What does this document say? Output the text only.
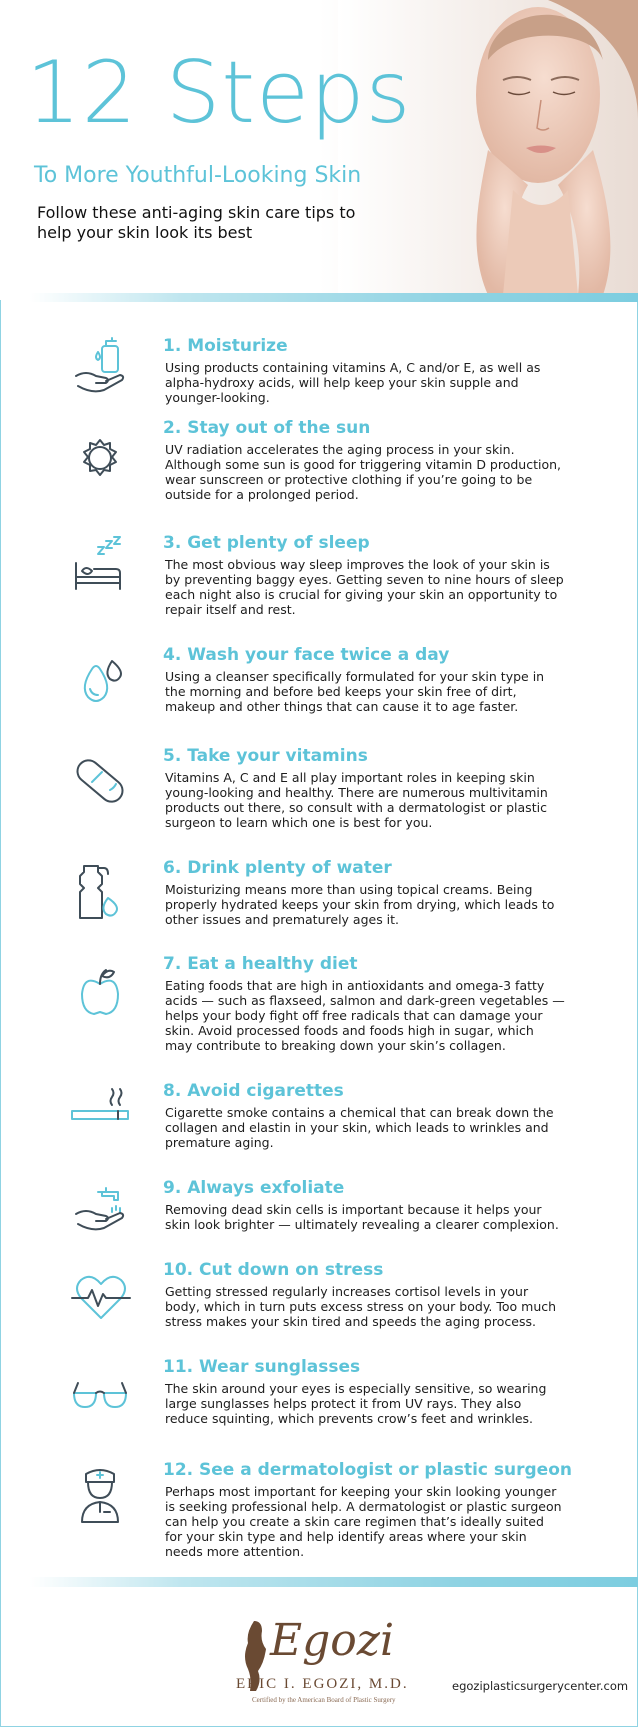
12 Steps
To More Youthful-Looking Skin
Follow these anti-aging skin care tips to help your skin look its best
1. Moisturize

Using products containing vitamins A, C and/or E, as well as alpha-hydroxy acids, will help keep your skin supple and younger-looking.

2. Stay out of the sun

UV radiation accelerates the aging process in your skin. Although some sun is good for triggering vitamin D production, wear sunscreen or protective clothing if you’re going to be outside for a prolonged period.

3. Get plenty of sleep

The most obvious way sleep improves the look of your skin is by preventing baggy eyes. Getting seven to nine hours of sleep each night also is crucial for giving your skin an opportunity to repair itself and rest.

4. Wash your face twice a day

Using a cleanser specifically formulated for your skin type in the morning and before bed keeps your skin free of dirt, makeup and other things that can cause it to age faster.

5. Take your vitamins

Vitamins A, C and E all play important roles in keeping skin young-looking and healthy. There are numerous multivitamin products out there, so consult with a dermatologist or plastic surgeon to learn which one is best for you.

6. Drink plenty of water

Moisturizing means more than using topical creams. Being properly hydrated keeps your skin from drying, which leads to other issues and prematurely ages it.

7. Eat a healthy diet

Eating foods that are high in antioxidants and omega-3 fatty acids — such as flaxseed, salmon and dark-green vegetables — helps your body fight off free radicals that can damage your skin. Avoid processed foods and foods high in sugar, which may contribute to breaking down your skin’s collagen.

8. Avoid cigarettes

Cigarette smoke contains a chemical that can break down the collagen and elastin in your skin, which leads to wrinkles and premature aging.

9. Always exfoliate

Removing dead skin cells is important because it helps your skin look brighter — ultimately revealing a clearer complexion.

10. Cut down on stress

Getting stressed regularly increases cortisol levels in your body, which in turn puts excess stress on your body. Too much stress makes your skin tired and speeds the aging process.

11. Wear sunglasses

The skin around your eyes is especially sensitive, so wearing large sunglasses helps protect it from UV rays. They also reduce squinting, which prevents crow’s feet and wrinkles.

12. See a dermatologist or plastic surgeon

Perhaps most important for keeping your skin looking younger is seeking professional help. A dermatologist or plastic surgeon can help you create a skin care regimen that’s ideally suited for your skin type and help identify areas where your skin needs more attention.

Egozi
ERIC I. EGOZI, M.D.
Certified by the American Board of Plastic Surgery
egoziplasticsurgerycenter.com
